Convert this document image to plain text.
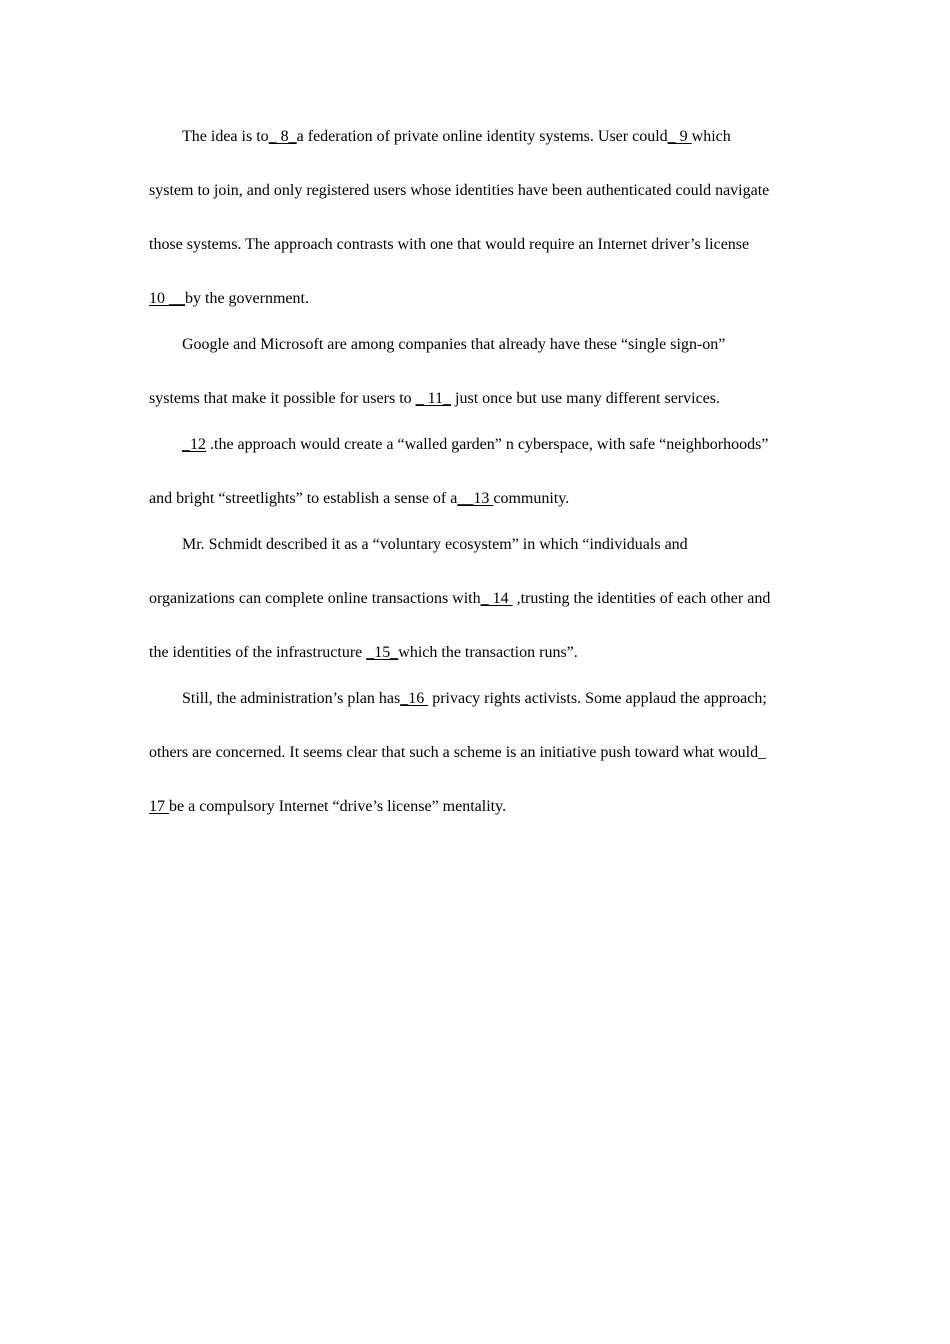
The idea is to_ 8_a federation of private online identity systems. User could_ 9 which
system to join, and only registered users whose identities have been authenticated could navigate
those systems. The approach contrasts with one that would require an Internet driver’s license
10 __by the government.
Google and Microsoft are among companies that already have these “single sign-on”
systems that make it possible for users to _ 11_ just once but use many different services.
_12 .the approach would create a “walled garden” n cyberspace, with safe “neighborhoods”
and bright “streetlights” to establish a sense of a__13 community.
Mr. Schmidt described it as a “voluntary ecosystem” in which “individuals and
organizations can complete online transactions with_ 14  ,trusting the identities of each other and
the identities of the infrastructure _15_which the transaction runs”.
Still, the administration’s plan has_16  privacy rights activists. Some applaud the approach;
others are concerned. It seems clear that such a scheme is an initiative push toward what would_
17 be a compulsory Internet “drive’s license” mentality.
